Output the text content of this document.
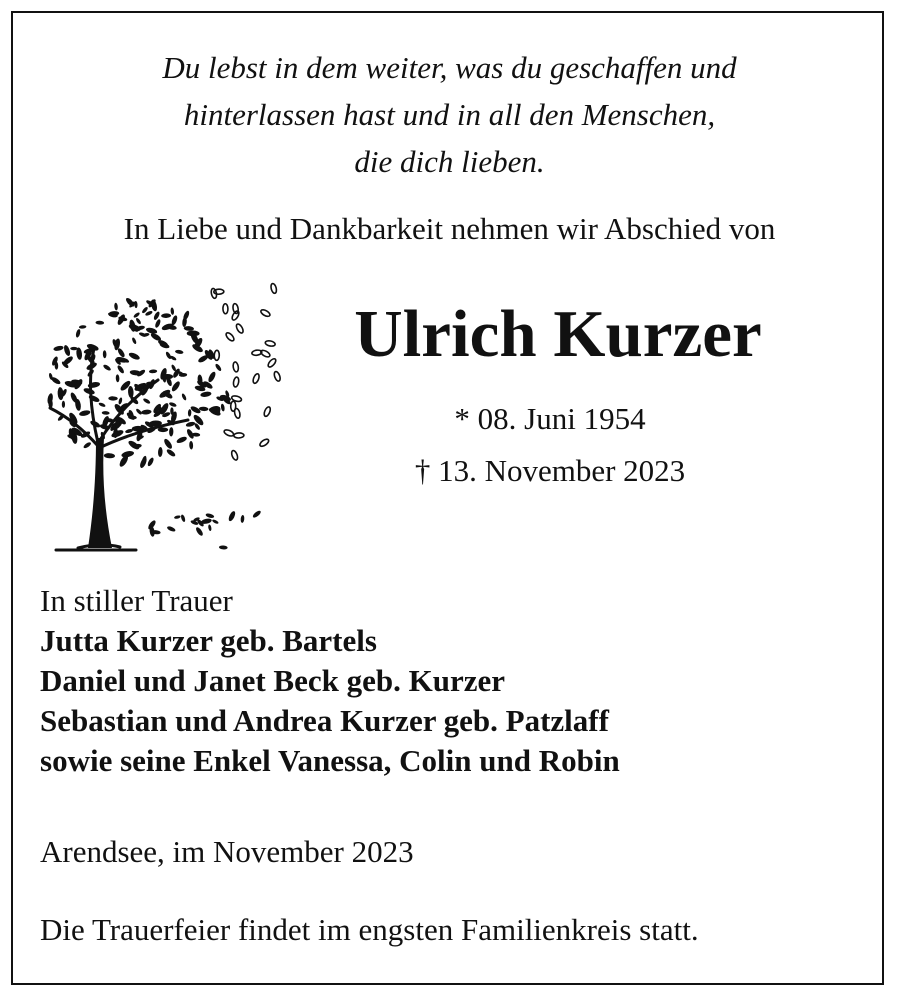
Du lebst in dem weiter, was du geschaffen und
hinterlassen hast und in all den Menschen,
die dich lieben.
In Liebe und Dankbarkeit nehmen wir Abschied von
Ulrich Kurzer
* 08. Juni 1954
† 13. November 2023
In stiller Trauer
Jutta Kurzer geb. Bartels
Daniel und Janet Beck geb. Kurzer
Sebastian und Andrea Kurzer geb. Patzlaff
sowie seine Enkel Vanessa, Colin und Robin
Arendsee, im November 2023
Die Trauerfeier findet im engsten Familienkreis statt.
